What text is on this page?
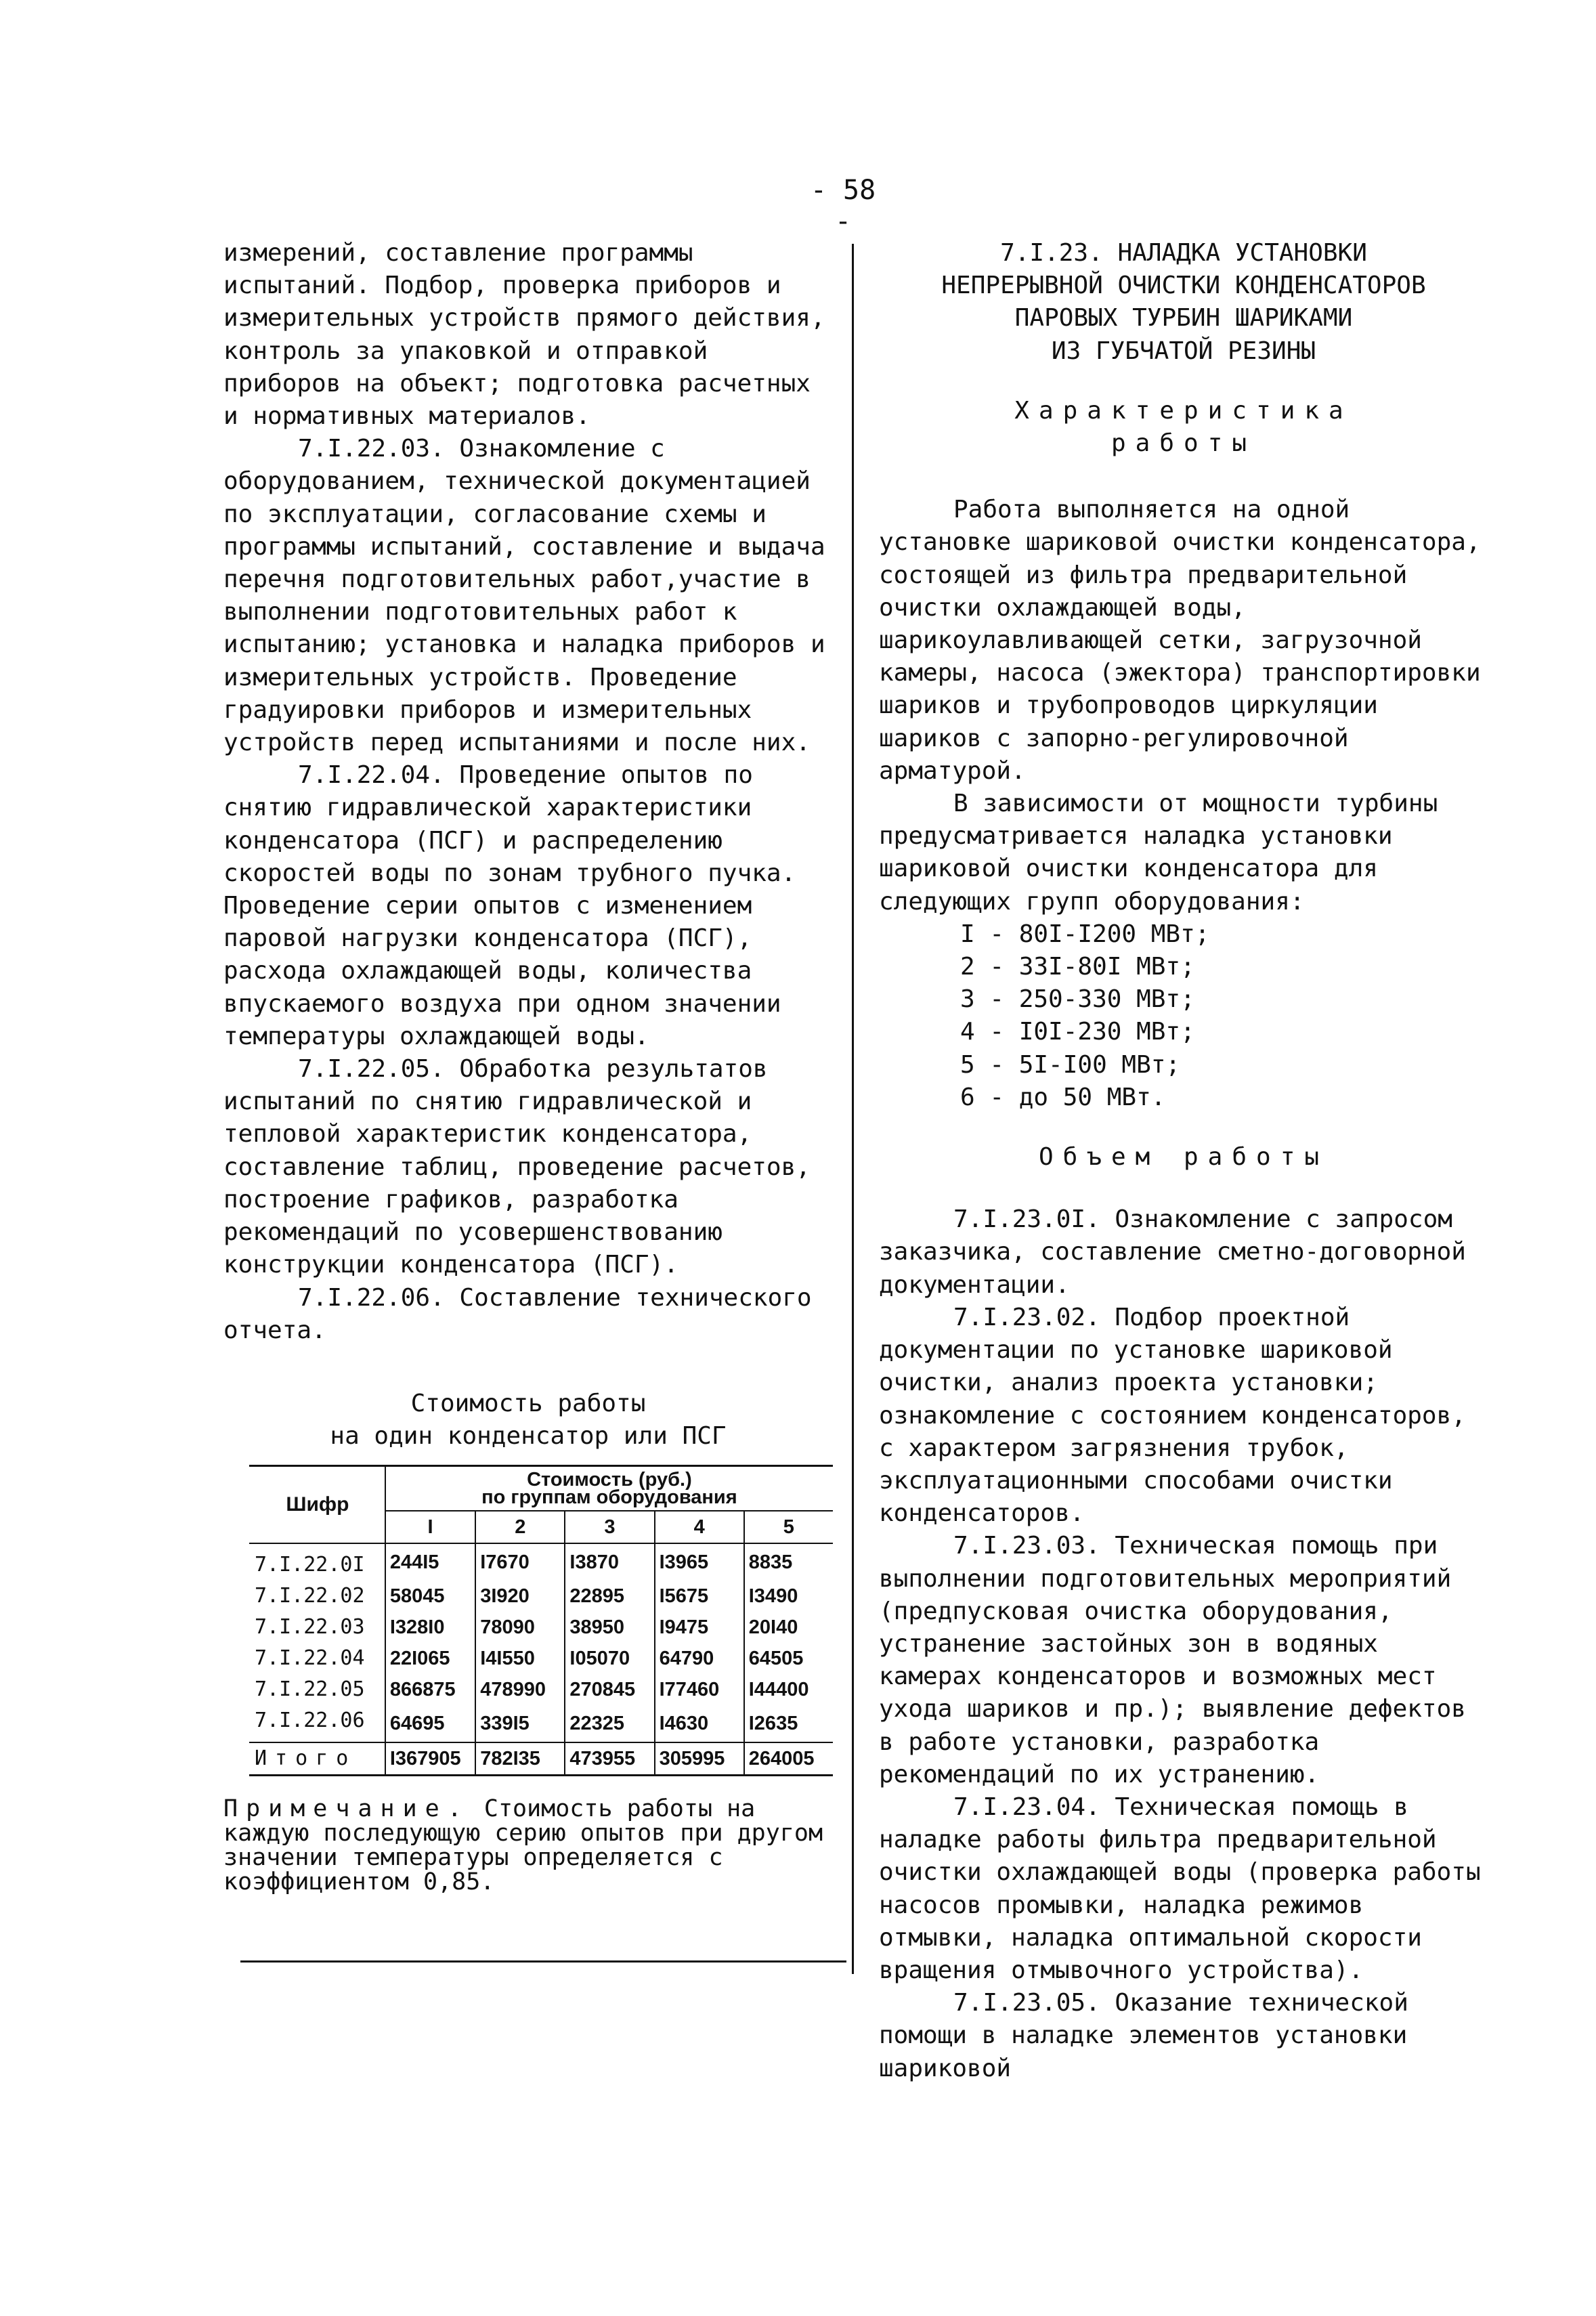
- 58 -

измерений, составление программы испытаний. Подбор, проверка приборов и измерительных устройств прямого действия, контроль за упаковкой и отправкой приборов на объект; подготовка расчетных и нормативных материалов.

7.I.22.03. Ознакомление с оборудованием, технической документацией по эксплуатации, согласование схемы и программы испытаний, составление и выдача перечня подготовительных работ,участие в выполнении подготовительных работ к испытанию; установка и наладка приборов и измерительных устройств. Проведение градуировки приборов и измерительных устройств перед испытаниями и после них.

7.I.22.04. Проведение опытов по снятию гидравлической характеристики конденсатора (ПСГ) и распределению скоростей воды по зонам трубного пучка. Проведение серии опытов с изменением паровой нагрузки конденсатора (ПСГ), расхода охлаждающей воды, количества впускаемого воздуха при одном значении температуры охлаждающей воды.

7.I.22.05. Обработка результатов испытаний по снятию гидравлической и тепловой характеристик конденсатора, составление таблиц, проведение расчетов, построение графиков, разработка рекомендаций по усовершенствованию конструкции конденсатора (ПСГ).

7.I.22.06. Составление технического отчета.

Стоимость работы
на один конденсатор или ПСГ
Шифр	Стоимость (руб.)
по группам оборудования				

	I	2	3	4	5
7.I.22.0I	244I5	I7670	I3870	I3965	8835
7.I.22.02	58045	3I920	22895	I5675	I3490
7.I.22.03	I328I0	78090	38950	I9475	20I40
7.I.22.04	22I065	I4I550	I05070	64790	64505
7.I.22.05	866875	478990	270845	I77460	I44400
7.I.22.06	64695	339I5	22325	I4630	I2635
Итого	I367905	782I35	473955	305995	264005
Примечание. Стоимость работы на каждую последующую серию опытов при другом значении температуры определяется с коэффициентом 0,85.
7.I.23. НАЛАДКА УСТАНОВКИ
НЕПРЕРЫВНОЙ ОЧИСТКИ КОНДЕНСАТОРОВ
ПАРОВЫХ ТУРБИН ШАРИКАМИ
ИЗ ГУБЧАТОЙ РЕЗИНЫ
Характеристика
работы

Работа выполняется на одной установке шариковой очистки конденсатора, состоящей из фильтра предварительной очистки охлаждающей воды, шарикоулавливающей сетки, загрузочной камеры, насоса (эжектора) транспортировки шариков и трубопроводов циркуляции шариков с запорно-регулировочной арматурой.

В зависимости от мощности турбины предусматривается наладка установки шариковой очистки конденсатора для следующих групп оборудования:

I - 80I-I200 МВт;
2 - 33I-80I МВт;
3 - 250-330 МВт;
4 - I0I-230 МВт;
5 - 5I-I00 МВт;
6 - до 50 МВт.
Объем работы

7.I.23.0I. Ознакомление с запросом заказчика, составление сметно-договорной документации.

7.I.23.02. Подбор проектной документации по установке шариковой очистки, анализ проекта установки; ознакомление с состоянием конденсаторов, с характером загрязнения трубок, эксплуатационными способами очистки конденсаторов.

7.I.23.03. Техническая помощь при выполнении подготовительных мероприятий (предпусковая очистка оборудования, устранение застойных зон в водяных камерах конденсаторов и возможных мест ухода шариков и пр.); выявление дефектов в работе установки, разработка рекомендаций по их устранению.

7.I.23.04. Техническая помощь в наладке работы фильтра предварительной очистки охлаждающей воды (проверка работы насосов промывки, наладка режимов отмывки, наладка оптимальной скорости вращения отмывочного устройства).

7.I.23.05. Оказание технической помощи в наладке элементов установки шариковой
